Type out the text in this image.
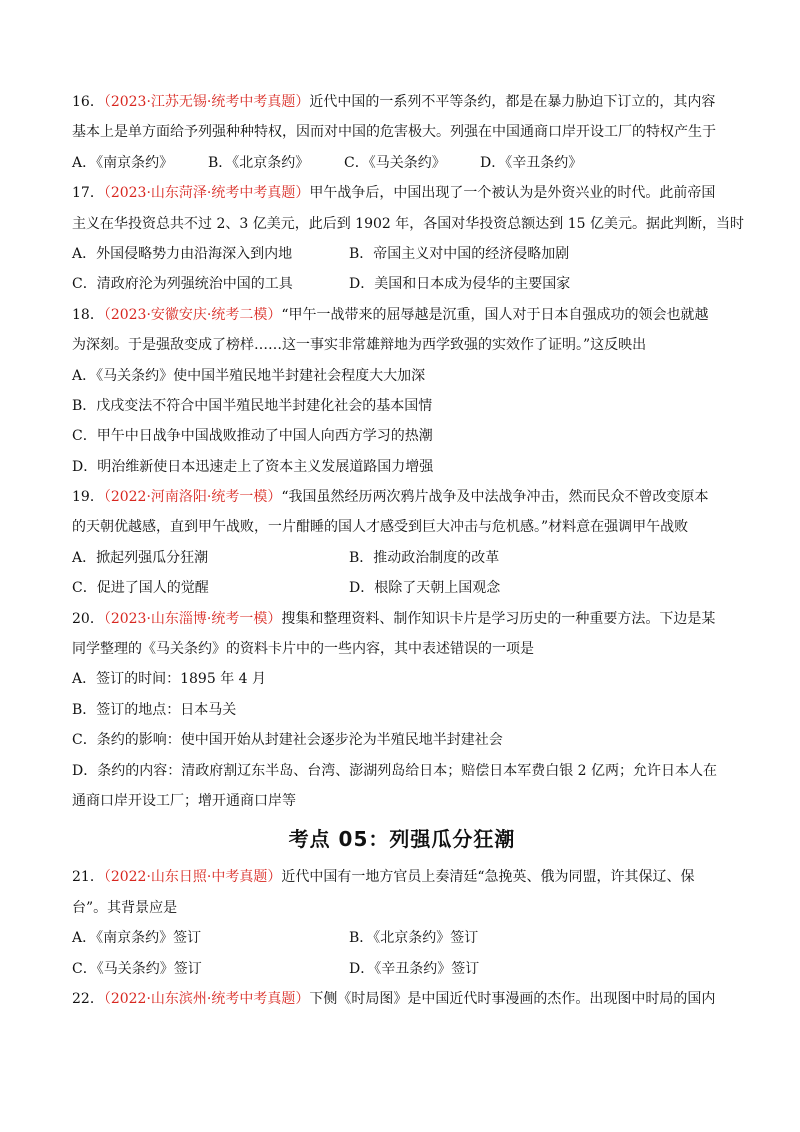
16．（2023·江苏无锡·统考中考真题）近代中国的一系列不平等条约，都是在暴力胁迫下订立的，其内容
基本上是单方面给予列强种种特权，因而对中国的危害极大。列强在中国通商口岸开设工厂的特权产生于
A．《南京条约》	B．《北京条约》	C．《马关条约》	D．《辛丑条约》
17．（2023·山东菏泽·统考中考真题）甲午战争后，中国出现了一个被认为是外资兴业的时代。此前帝国
主义在华投资总共不过 2、3 亿美元，此后到 1902 年，各国对华投资总额达到 15 亿美元。据此判断，当时
A．外国侵略势力由沿海深入到内地	B．帝国主义对中国的经济侵略加剧
C．清政府沦为列强统治中国的工具	D．美国和日本成为侵华的主要国家
18．（2023·安徽安庆·统考二模）“甲午一战带来的屈辱越是沉重，国人对于日本自强成功的领会也就越
为深刻。于是强敌变成了榜样……这一事实非常雄辩地为西学致强的实效作了证明。”这反映出
A．《马关条约》使中国半殖民地半封建社会程度大大加深
B．戊戌变法不符合中国半殖民地半封建化社会的基本国情
C．甲午中日战争中国战败推动了中国人向西方学习的热潮
D．明治维新使日本迅速走上了资本主义发展道路国力增强
19．（2022·河南洛阳·统考一模）“我国虽然经历两次鸦片战争及中法战争冲击，然而民众不曾改变原本
的天朝优越感，直到甲午战败，一片酣睡的国人才感受到巨大冲击与危机感。”材料意在强调甲午战败
A．掀起列强瓜分狂潮	B．推动政治制度的改革
C．促进了国人的觉醒	D．根除了天朝上国观念
20．（2023·山东淄博·统考一模）搜集和整理资料、制作知识卡片是学习历史的一种重要方法。下边是某
同学整理的《马关条约》的资料卡片中的一些内容，其中表述错误的一项是
A．签订的时间：1895 年 4 月
B．签订的地点：日本马关
C．条约的影响：使中国开始从封建社会逐步沦为半殖民地半封建社会
D．条约的内容：清政府割辽东半岛、台湾、澎湖列岛给日本；赔偿日本军费白银 2 亿两；允许日本人在
通商口岸开设工厂；增开通商口岸等
考点 05：列强瓜分狂潮
21．（2022·山东日照·中考真题）近代中国有一地方官员上奏清廷“急挽英、俄为同盟，许其保辽、保
台”。其背景应是
A．《南京条约》签订	B．《北京条约》签订
C．《马关条约》签订	D．《辛丑条约》签订
22．（2022·山东滨州·统考中考真题）下侧《时局图》是中国近代时事漫画的杰作。出现图中时局的国内
